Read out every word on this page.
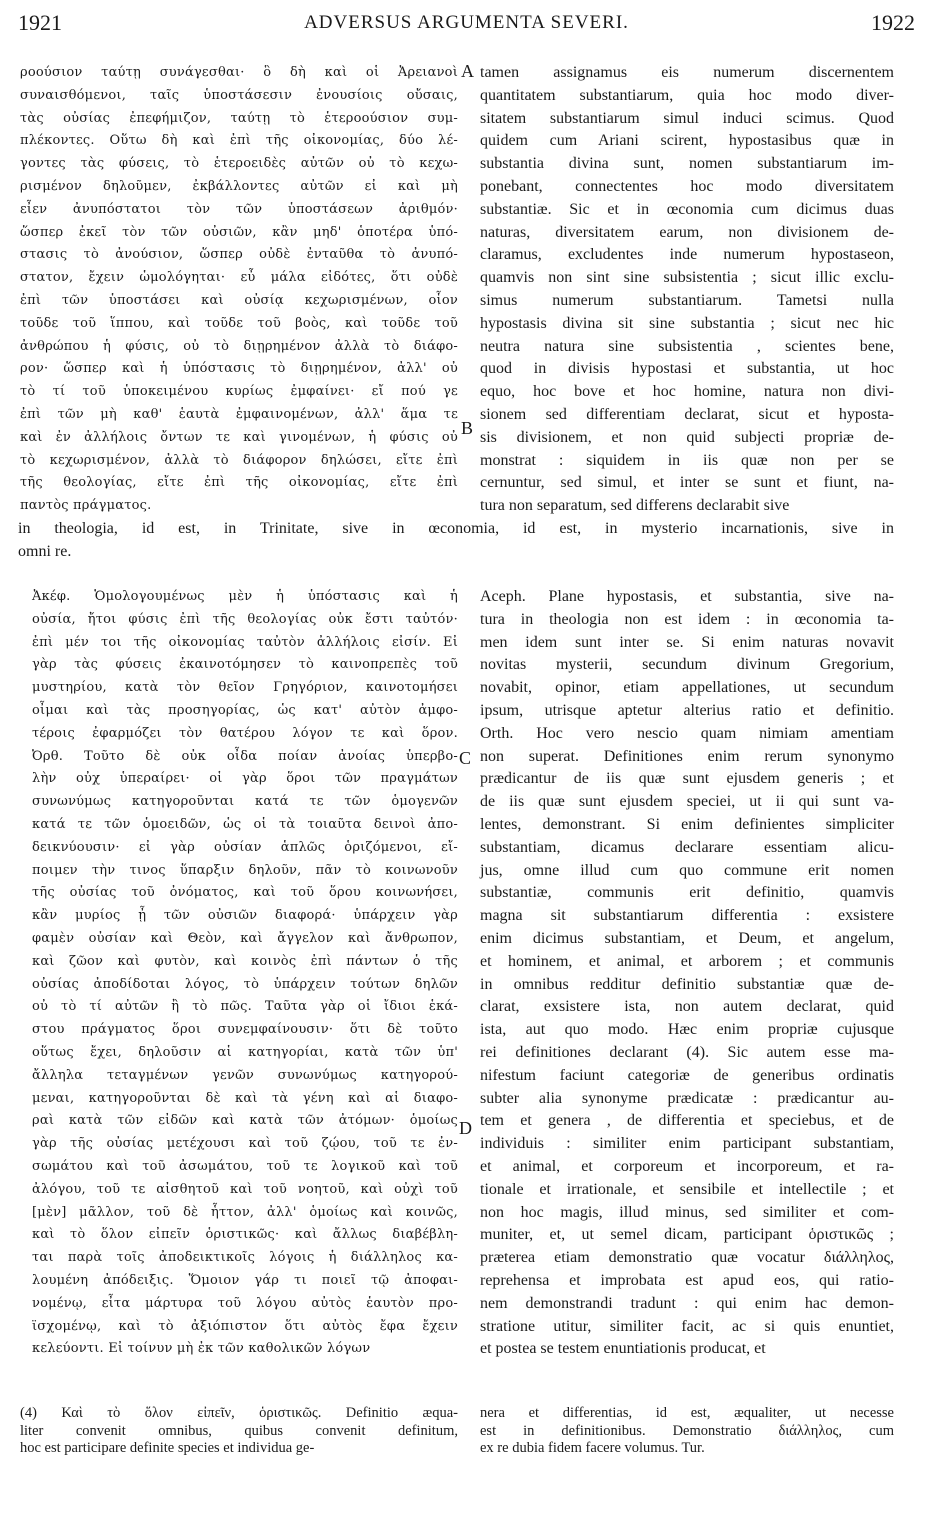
1921	ADVERSUS ARGUMENTA SEVERI.	1922
ροούσιον ταύτῃ συνάγεσθαι· ὃ δὴ καὶ οἱ Ἀρειανοὶ
συναισθόμενοι, ταῖς ὑποστάσεσιν ἐνουσίοις οὔσαις,
τὰς οὐσίας ἐπεφήμιζον, ταύτῃ τὸ ἑτεροούσιον συμ-
πλέκοντες. Οὕτω δὴ καὶ ἐπὶ τῆς οἰκονομίας, δύο λέ-
γοντες τὰς φύσεις, τὸ ἑτεροειδὲς αὐτῶν οὐ τὸ κεχω-
ρισμένον δηλοῦμεν, ἐκβάλλοντες αὐτῶν εἰ καὶ μὴ
εἶεν ἀνυπόστατοι τὸν τῶν ὑποστάσεων ἀριθμόν·
ὥσπερ ἐκεῖ τὸν τῶν οὐσιῶν, κἂν μηδ' ὁποτέρα ὑπό-
στασις τὸ ἀνούσιον, ὥσπερ οὐδὲ ἐνταῦθα τὸ ἀνυπό-
στατον, ἔχειν ὡμολόγηται· εὖ μάλα εἰδότες, ὅτι οὐδὲ
ἐπὶ τῶν ὑποστάσει καὶ οὐσίᾳ κεχωρισμένων, οἷον
τοῦδε τοῦ ἵππου, καὶ τοῦδε τοῦ βοὸς, καὶ τοῦδε τοῦ
ἀνθρώπου ἡ φύσις, οὐ τὸ διῃρημένον ἀλλὰ τὸ διάφο-
ρον· ὥσπερ καὶ ἡ ὑπόστασις τὸ διῃρημένον, ἀλλ' οὐ
τὸ τί τοῦ ὑποκειμένου κυρίως ἐμφαίνει· εἴ πού γε
ἐπὶ τῶν μὴ καθ' ἑαυτὰ ἐμφαινομένων, ἀλλ' ἅμα τε
καὶ ἐν ἀλλήλοις ὄντων τε καὶ γινομένων, ἡ φύσις οὐ
τὸ κεχωρισμένον, ἀλλὰ τὸ διάφορον δηλώσει, εἴτε ἐπὶ
τῆς θεολογίας, εἴτε ἐπὶ τῆς οἰκονομίας, εἴτε ἐπὶ
παντὸς πράγματος.
tamen assignamus eis numerum discernentem
quantitatem substantiarum, quia hoc modo diver-
sitatem substantiarum simul induci scimus. Quod
quidem cum Ariani scirent, hypostasibus quæ in
substantia divina sunt, nomen substantiarum im-
ponebant, connectentes hoc modo diversitatem
substantiæ. Sic et in œconomia cum dicimus duas
naturas, diversitatem earum, non divisionem de-
claramus, excludentes inde numerum hypostaseon,
quamvis non sint sine subsistentia ; sicut illic exclu-
simus numerum substantiarum. Tametsi nulla
hypostasis divina sit sine substantia ; sicut nec hic
neutra natura sine subsistentia , scientes bene,
quod in divisis hypostasi et substantia, ut hoc
equo, hoc bove et hoc homine, natura non divi-
sionem sed differentiam declarat, sicut et hyposta-
sis divisionem, et non quid subjecti propriæ de-
monstrat : siquidem in iis quæ non per se
cernuntur, sed simul, et inter se sunt et fiunt, na-
tura non separatum, sed differens declarabit sive
A
B
in theologia, id est, in Trinitate, sive in œconomia, id est, in mysterio incarnationis, sive in
omni re.
Ἀκέφ. Ὁμολογουμένως μὲν ἡ ὑπόστασις καὶ ἡ
οὐσία, ἤτοι φύσις ἐπὶ τῆς θεολογίας οὐκ ἔστι ταὐτόν·
ἐπὶ μέν τοι τῆς οἰκονομίας ταὐτὸν ἀλλήλοις εἰσίν. Εἰ
γὰρ τὰς φύσεις ἐκαινοτόμησεν τὸ καινοπρεπὲς τοῦ
μυστηρίου, κατὰ τὸν θεῖον Γρηγόριον, καινοτομήσει
οἶμαι καὶ τὰς προσηγορίας, ὡς κατ' αὐτὸν ἀμφο-
τέροις ἐφαρμόζει τὸν θατέρου λόγον τε καὶ ὅρον.
Ὀρθ. Τοῦτο δὲ οὐκ οἶδα ποίαν ἀνοίας ὑπερβο-
λὴν οὐχ ὑπεραίρει· οἱ γὰρ ὅροι τῶν πραγμάτων
συνωνύμως κατηγοροῦνται κατά τε τῶν ὁμογενῶν
κατά τε τῶν ὁμοειδῶν, ὡς οἱ τὰ τοιαῦτα δεινοὶ ἀπο-
δεικνύουσιν· εἰ γὰρ οὐσίαν ἁπλῶς ὁριζόμενοι, εἴ-
ποιμεν τὴν τινος ὕπαρξιν δηλοῦν, πᾶν τὸ κοινωνοῦν
τῆς οὐσίας τοῦ ὀνόματος, καὶ τοῦ ὅρου κοινωνήσει,
κἂν μυρίος ᾖ τῶν οὐσιῶν διαφορά· ὑπάρχειν γὰρ
φαμὲν οὐσίαν καὶ Θεὸν, καὶ ἄγγελον καὶ ἄνθρωπον,
καὶ ζῶον καὶ φυτὸν, καὶ κοινὸς ἐπὶ πάντων ὁ τῆς
οὐσίας ἀποδίδοται λόγος, τὸ ὑπάρχειν τούτων δηλῶν
οὐ τὸ τί αὐτῶν ἢ τὸ πῶς. Ταῦτα γὰρ οἱ ἴδιοι ἑκά-
στου πράγματος ὅροι συνεμφαίνουσιν· ὅτι δὲ τοῦτο
οὕτως ἔχει, δηλοῦσιν αἱ κατηγορίαι, κατὰ τῶν ὑπ'
ἄλληλα τεταγμένων γενῶν συνωνύμως κατηγορού-
μεναι, κατηγοροῦνται δὲ καὶ τὰ γένη καὶ αἱ διαφο-
ραὶ κατὰ τῶν εἰδῶν καὶ κατὰ τῶν ἀτόμων· ὁμοίως
γὰρ τῆς οὐσίας μετέχουσι καὶ τοῦ ζῴου, τοῦ τε ἐν-
σωμάτου καὶ τοῦ ἀσωμάτου, τοῦ τε λογικοῦ καὶ τοῦ
ἀλόγου, τοῦ τε αἰσθητοῦ καὶ τοῦ νοητοῦ, καὶ οὐχὶ τοῦ
[μὲν] μᾶλλον, τοῦ δὲ ἧττον, ἀλλ' ὁμοίως καὶ κοινῶς,
καὶ τὸ ὅλον εἰπεῖν ὁριστικῶς· καὶ ἄλλως διαβέβλη-
ται παρὰ τοῖς ἀποδεικτικοῖς λόγοις ἡ διάλληλος κα-
λουμένη ἀπόδειξις. Ὅμοιον γάρ τι ποιεῖ τῷ ἀποφαι-
νομένῳ, εἶτα μάρτυρα τοῦ λόγου αὐτὸς ἑαυτὸν προ-
ϊσχομένῳ, καὶ τὸ ἀξιόπιστον ὅτι αὐτὸς ἔφα ἔχειν
κελεύοντι. Εἰ τοίνυν μὴ ἐκ τῶν καθολικῶν λόγων
Aceph. Plane hypostasis, et substantia, sive na-
tura in theologia non est idem : in œconomia ta-
men idem sunt inter se. Si enim naturas novavit
novitas mysterii, secundum divinum Gregorium,
novabit, opinor, etiam appellationes, ut secundum
ipsum, utrisque aptetur alterius ratio et definitio.
Orth. Hoc vero nescio quam nimiam amentiam
non superat. Definitiones enim rerum synonymo
prædicantur de iis quæ sunt ejusdem generis ; et
de iis quæ sunt ejusdem speciei, ut ii qui sunt va-
lentes, demonstrant. Si enim definientes simpliciter
substantiam, dicamus declarare essentiam alicu-
jus, omne illud cum quo commune erit nomen
substantiæ, communis erit definitio, quamvis
magna sit substantiarum differentia : exsistere
enim dicimus substantiam, et Deum, et angelum,
et hominem, et animal, et arborem ; et communis
in omnibus redditur definitio substantiæ quæ de-
clarat, exsistere ista, non autem declarat, quid
ista, aut quo modo. Hæc enim propriæ cujusque
rei definitiones declarant (4). Sic autem esse ma-
nifestum faciunt categoriæ de generibus ordinatis
subter alia synonyme prædicatæ : prædicantur au-
tem et genera , de differentia et speciebus, et de
individuis : similiter enim participant substantiam,
et animal, et corporeum et incorporeum, et ra-
tionale et irrationale, et sensibile et intellectile ; et
non hoc magis, illud minus, sed similiter et com-
muniter, et, ut semel dicam, participant ὁριστικῶς ;
præterea etiam demonstratio quæ vocatur διάλληλος,
reprehensa et improbata est apud eos, qui ratio-
nem demonstrandi tradunt : qui enim hac demon-
stratione utitur, similiter facit, ac si quis enuntiet,
et postea se testem enuntiationis producat, et
C
D
(4) Καὶ τὸ ὅλον εἰπεῖν, ὁριστικῶς. Definitio æqua-
liter convenit omnibus, quibus convenit definitum,
hoc est participare definite species et individua ge-
nera et differentias, id est, æqualiter, ut necesse
est in definitionibus. Demonstratio διάλληλος, cum
ex re dubia fidem facere volumus. Tur.
